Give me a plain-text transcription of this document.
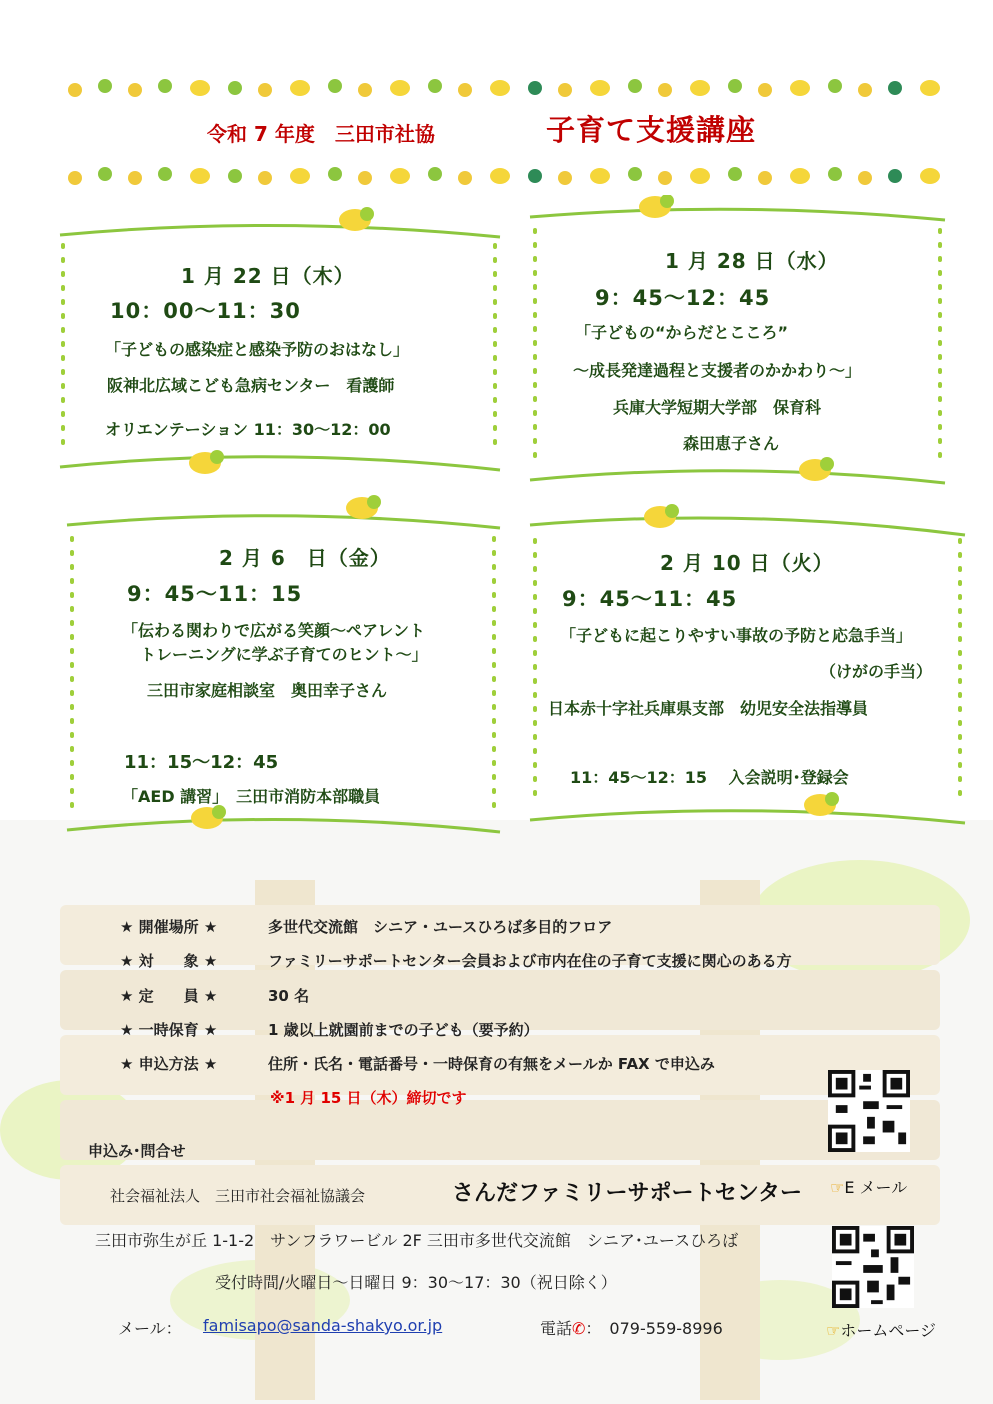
令和 7 年度　三田市社協	子育て支援講座
1 月 22 日（木）
10：00～11：30
「子どもの感染症と感染予防のおはなし」
阪神北広域こども急病センター　看護師
オリエンテーション 11：30～12：00
1 月 28 日（水）
9：45～12：45
「子どもの“からだとこころ”
～成長発達過程と支援者のかかわり～」
兵庫大学短期大学部　保育科
森田恵子さん
2 月 6　日（金）
9：45～11：15
「伝わる関わりで広がる笑顔～ペアレント
トレーニングに学ぶ子育てのヒント～」
三田市家庭相談室　奥田幸子さん
11：15～12：45
「AED 講習」　三田市消防本部職員
2 月 10 日（火）
9：45～11：45
「子どもに起こりやすい事故の予防と応急手当」
（けがの手当）
日本赤十字社兵庫県支部　幼児安全法指導員
11：45～12：15　 入会説明･登録会
★ 開催場所 ★	多世代交流館　シニア・ユースひろば多目的フロア
★ 対　　象 ★	ファミリーサポートセンター会員および市内在住の子育て支援に関心のある方
★ 定　　員 ★	30 名
★ 一時保育 ★	1 歳以上就園前までの子ども（要予約）
★ 申込方法 ★	住所・氏名・電話番号・一時保育の有無をメールか FAX で申込み
※1 月 15 日（木）締切です
申込み･問合せ
社会福祉法人　三田市社会福祉協議会	さんだファミリーサポートセンター
三田市弥生が丘 1-1-2　サンフラワービル 2F 三田市多世代交流館　シニア･ユースひろば
受付時間/火曜日～日曜日 9：30～17：30（祝日除く）
メール：	famisapo@sanda-shakyo.or.jp	電話✆：　079-559-8996
☞E メール
☞ホームページ
